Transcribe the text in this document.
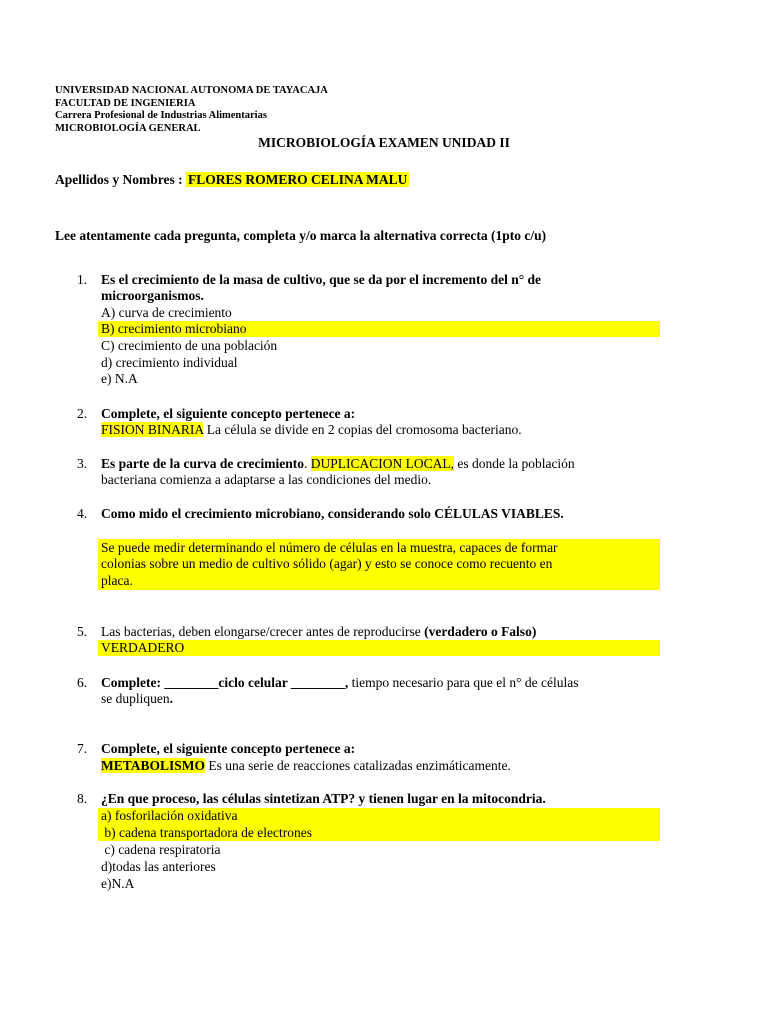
UNIVERSIDAD NACIONAL AUTONOMA DE TAYACAJA
FACULTAD DE INGENIERIA
Carrera Profesional de Industrias Alimentarias
MICROBIOLOGÍA GENERAL
MICROBIOLOGÍA EXAMEN UNIDAD II
Apellidos y Nombres : FLORES ROMERO CELINA MALU
Lee atentamente cada pregunta, completa y/o marca la alternativa correcta (1pto c/u)
1. Es el crecimiento de la masa de cultivo, que se da por el incremento del n° de
microorganismos.
A) curva de crecimiento
B) crecimiento microbiano
C) crecimiento de una población
d) crecimiento individual
e) N.A
2. Complete, el siguiente concepto pertenece a:
FISION BINARIA La célula se divide en 2 copias del cromosoma bacteriano.
3. Es parte de la curva de crecimiento. DUPLICACION LOCAL, es donde la población
bacteriana comienza a adaptarse a las condiciones del medio.
4. Como mido el crecimiento microbiano, considerando solo CÉLULAS VIABLES.
Se puede medir determinando el número de células en la muestra, capaces de formar
colonias sobre un medio de cultivo sólido (agar) y esto se conoce como recuento en
placa.
5. Las bacterias, deben elongarse/crecer antes de reproducirse (verdadero o Falso)
VERDADERO
6. Complete: ________ciclo celular ________, tiempo necesario para que el n° de células
se dupliquen.
7. Complete, el siguiente concepto pertenece a:
METABOLISMO Es una serie de reacciones catalizadas enzimáticamente.
8. ¿En que proceso, las células sintetizan ATP? y tienen lugar en la mitocondria.
a) fosforilación oxidativa
b) cadena transportadora de electrones
c) cadena respiratoria
d)todas las anteriores
e)N.A
